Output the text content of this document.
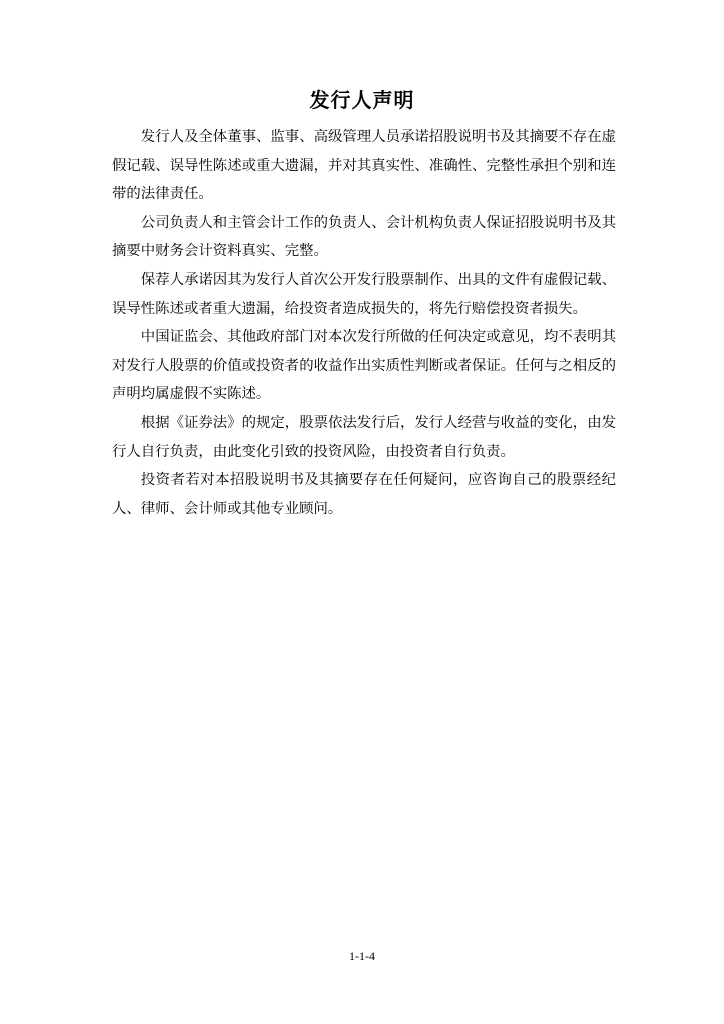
发行人声明

发行人及全体董事、监事、高级管理人员承诺招股说明书及其摘要不存在虚假记载、误导性陈述或重大遗漏，并对其真实性、准确性、完整性承担个别和连带的法律责任。

公司负责人和主管会计工作的负责人、会计机构负责人保证招股说明书及其摘要中财务会计资料真实、完整。

保荐人承诺因其为发行人首次公开发行股票制作、出具的文件有虚假记载、误导性陈述或者重大遗漏，给投资者造成损失的，将先行赔偿投资者损失。

中国证监会、其他政府部门对本次发行所做的任何决定或意见，均不表明其对发行人股票的价值或投资者的收益作出实质性判断或者保证。任何与之相反的声明均属虚假不实陈述。

根据《证券法》的规定，股票依法发行后，发行人经营与收益的变化，由发行人自行负责，由此变化引致的投资风险，由投资者自行负责。

投资者若对本招股说明书及其摘要存在任何疑问，应咨询自己的股票经纪人、律师、会计师或其他专业顾问。

1-1-4
